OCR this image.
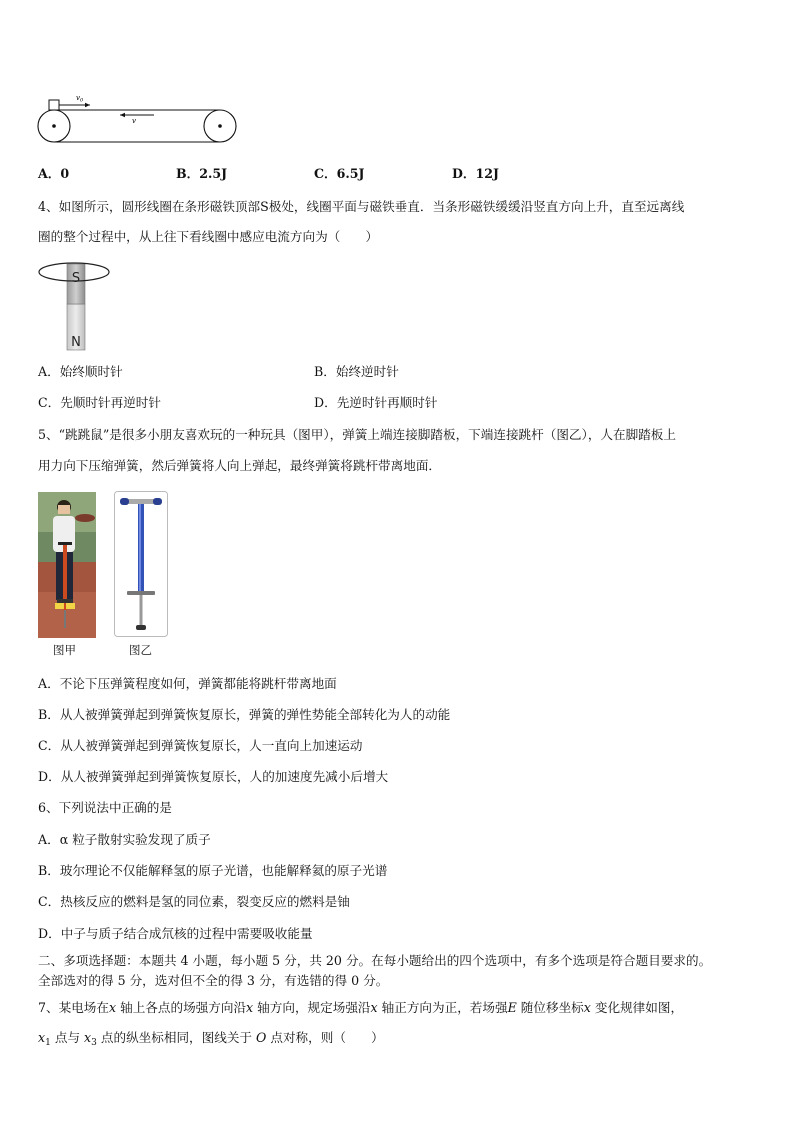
$v_0$
v
A．0	B．2.5J	C．6.5J	D．12J
4、如图所示，圆形线圈在条形磁铁顶部S极处，线圈平面与磁铁垂直．当条形磁铁缓缓沿竖直方向上升，直至远离线
圈的整个过程中，从上往下看线圈中感应电流方向为（　　）
S
N
A．始终顺时针	B．始终逆时针
C．先顺时针再逆时针	D．先逆时针再顺时针
5、“跳跳鼠”是很多小朋友喜欢玩的一种玩具（图甲），弹簧上端连接脚踏板，下端连接跳杆（图乙），人在脚踏板上
用力向下压缩弹簧，然后弹簧将人向上弹起，最终弹簧将跳杆带离地面．
图甲	图乙
A．不论下压弹簧程度如何，弹簧都能将跳杆带离地面
B．从人被弹簧弹起到弹簧恢复原长，弹簧的弹性势能全部转化为人的动能
C．从人被弹簧弹起到弹簧恢复原长，人一直向上加速运动
D．从人被弹簧弹起到弹簧恢复原长，人的加速度先减小后增大
6、下列说法中正确的是
A．α 粒子散射实验发现了质子
B．玻尔理论不仅能解释氢的原子光谱，也能解释氦的原子光谱
C．热核反应的燃料是氢的同位素，裂变反应的燃料是铀
D．中子与质子结合成氘核的过程中需要吸收能量
二、多项选择题：本题共 4 小题，每小题 5 分，共 20 分。在每小题给出的四个选项中，有多个选项是符合题目要求的。
全部选对的得 5 分，选对但不全的得 3 分，有选错的得 0 分。
7、某电场在x 轴上各点的场强方向沿x 轴方向，规定场强沿x 轴正方向为正，若场强E 随位移坐标x 变化规律如图，
$x_1$ 点与 $x_3$ 点的纵坐标相同，图线关于 O 点对称，则（　　）
